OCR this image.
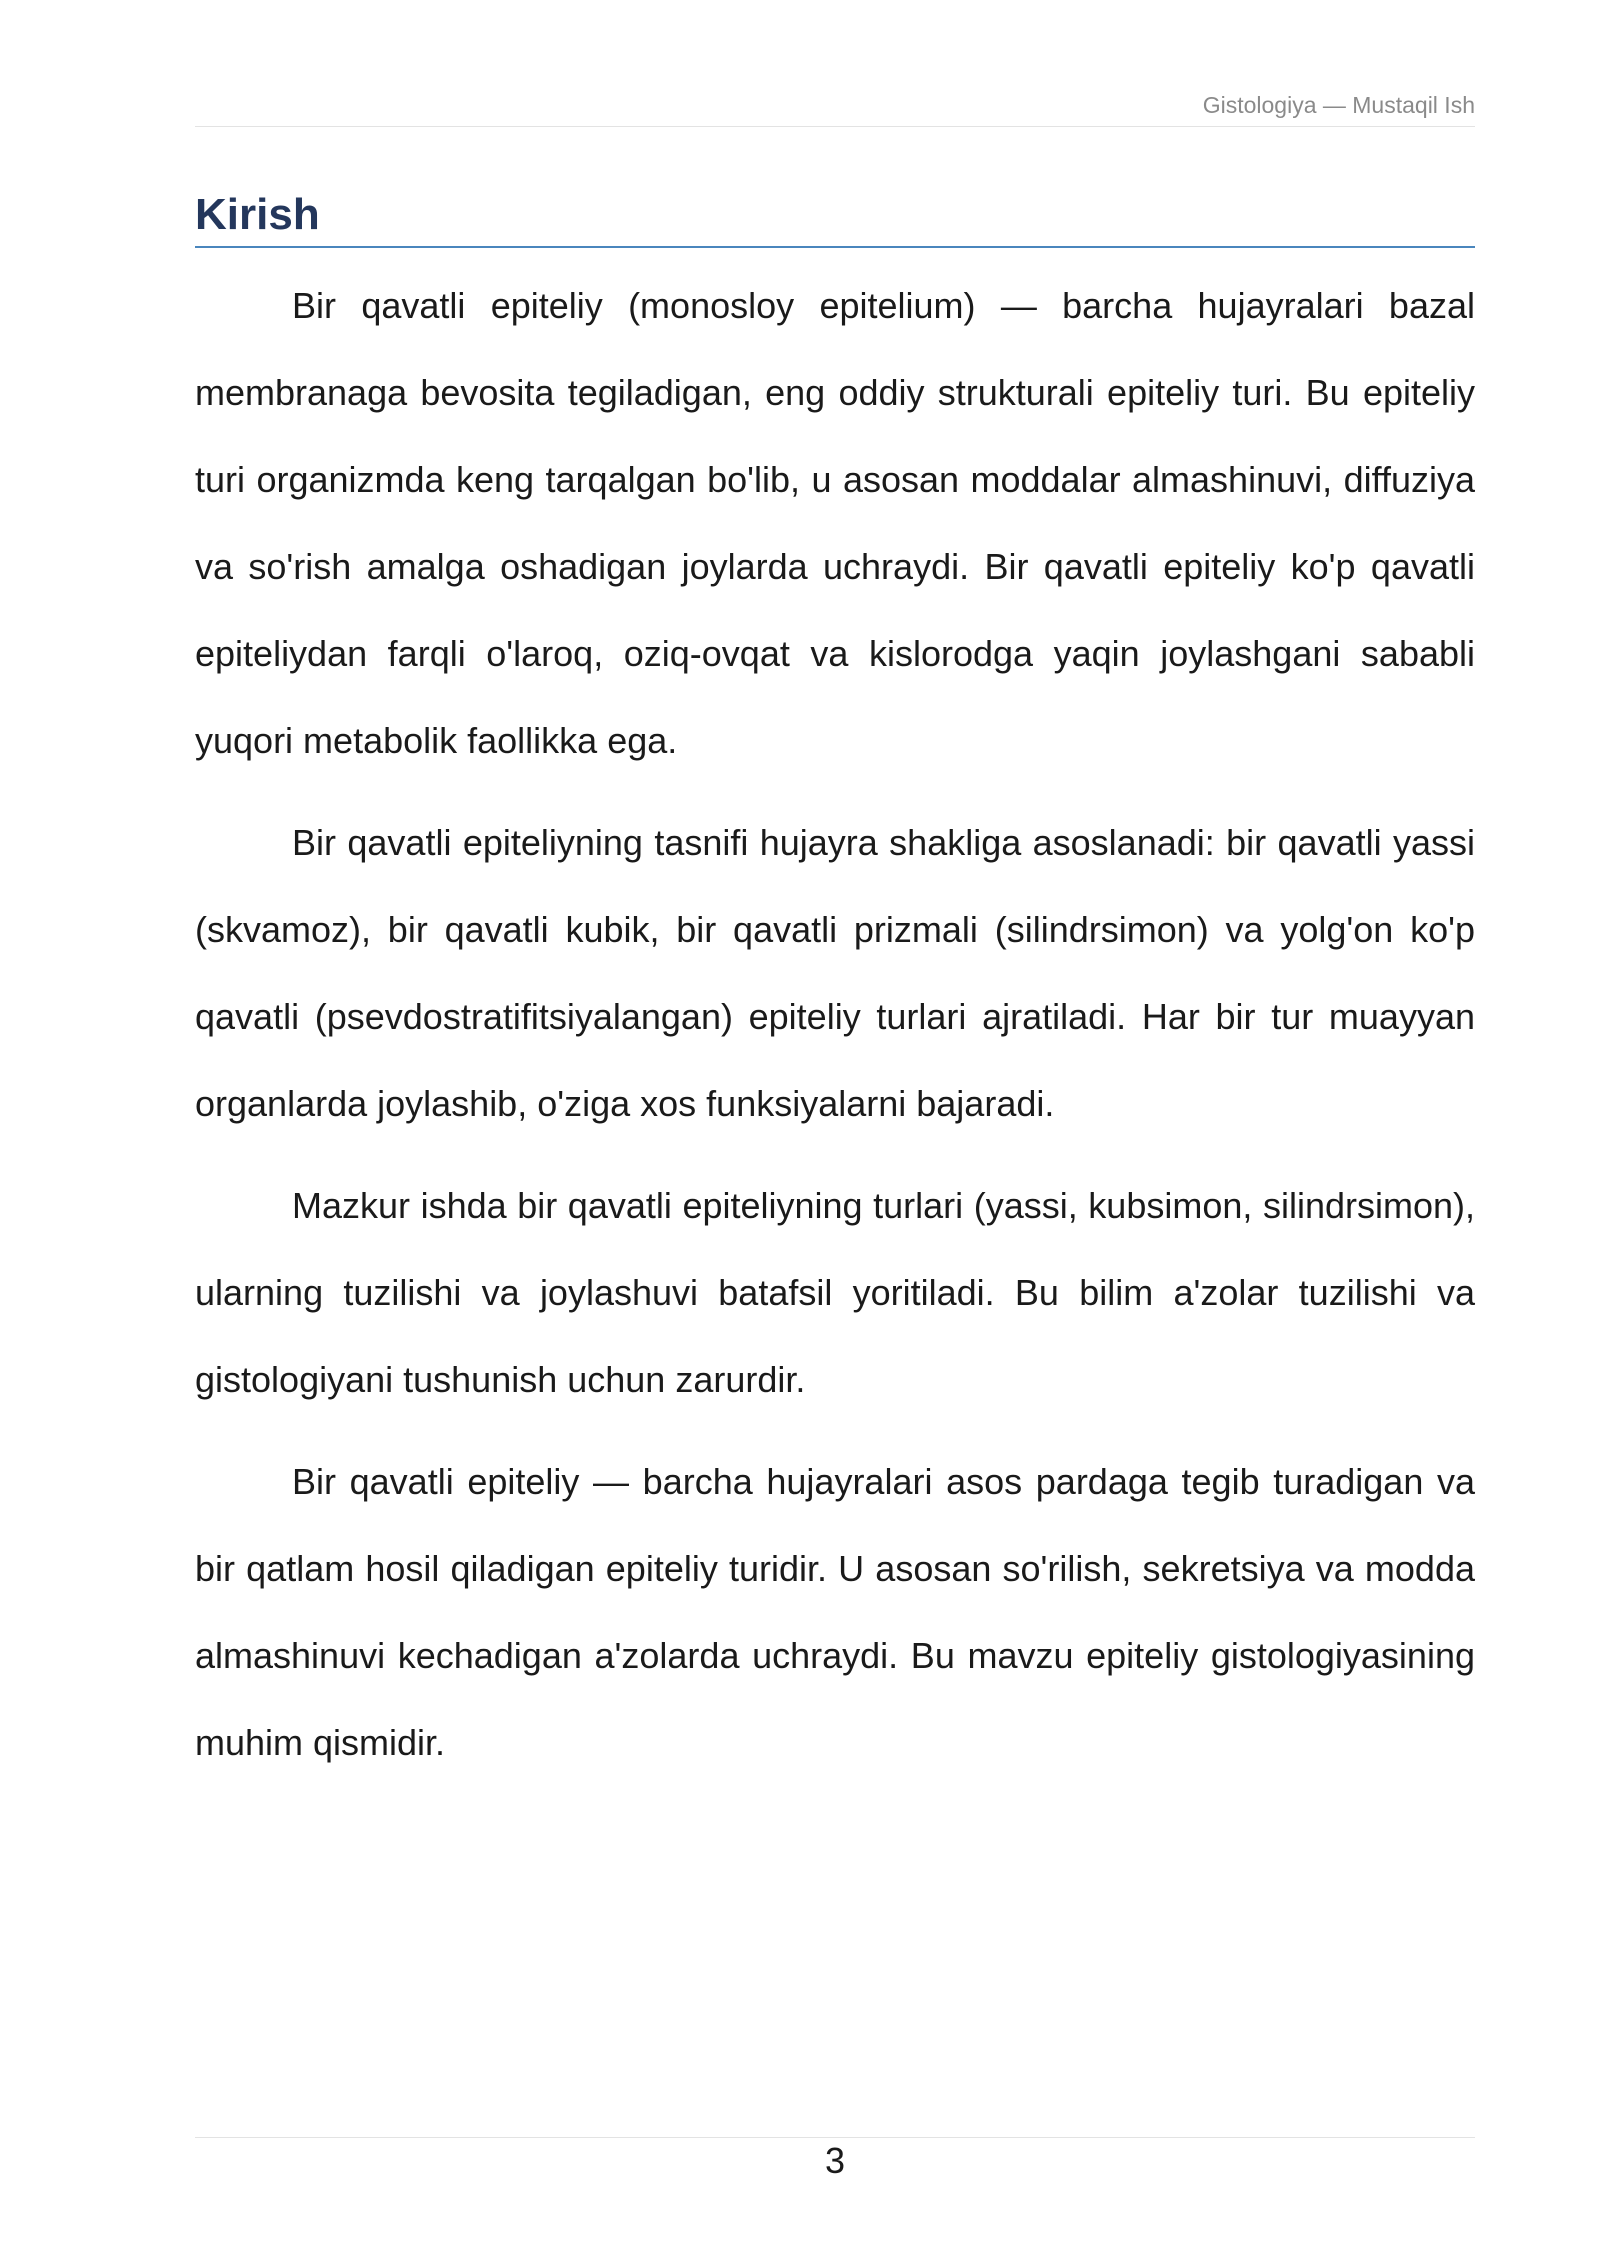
Gistologiya — Mustaqil Ish
Kirish

Bir qavatli epiteliy (monosloy epitelium) — barcha hujayralari bazal membranaga bevosita tegiladigan, eng oddiy strukturali epiteliy turi. Bu epiteliy turi organizmda keng tarqalgan bo'lib, u asosan moddalar almashinuvi, diffuziya va so'rish amalga oshadigan joylarda uchraydi. Bir qavatli epiteliy ko'p qavatli epiteliydan farqli o'laroq, oziq-ovqat va kislorodga yaqin joylashgani sababli yuqori metabolik faollikka ega.

Bir qavatli epiteliyning tasnifi hujayra shakliga asoslanadi: bir qavatli yassi (skvamoz), bir qavatli kubik, bir qavatli prizmali (silindrsimon) va yolg'on ko'p qavatli (psevdostratifitsiyalangan) epiteliy turlari ajratiladi. Har bir tur muayyan organlarda joylashib, o'ziga xos funksiyalarni bajaradi.

Mazkur ishda bir qavatli epiteliyning turlari (yassi, kubsimon, silindrsimon), ularning tuzilishi va joylashuvi batafsil yoritiladi. Bu bilim a'zolar tuzilishi va gistologiyani tushunish uchun zarurdir.

Bir qavatli epiteliy — barcha hujayralari asos pardaga tegib turadigan va bir qatlam hosil qiladigan epiteliy turidir. U asosan so'rilish, sekretsiya va modda almashinuvi kechadigan a'zolarda uchraydi. Bu mavzu epiteliy gistologiyasining muhim qismidir.

3
